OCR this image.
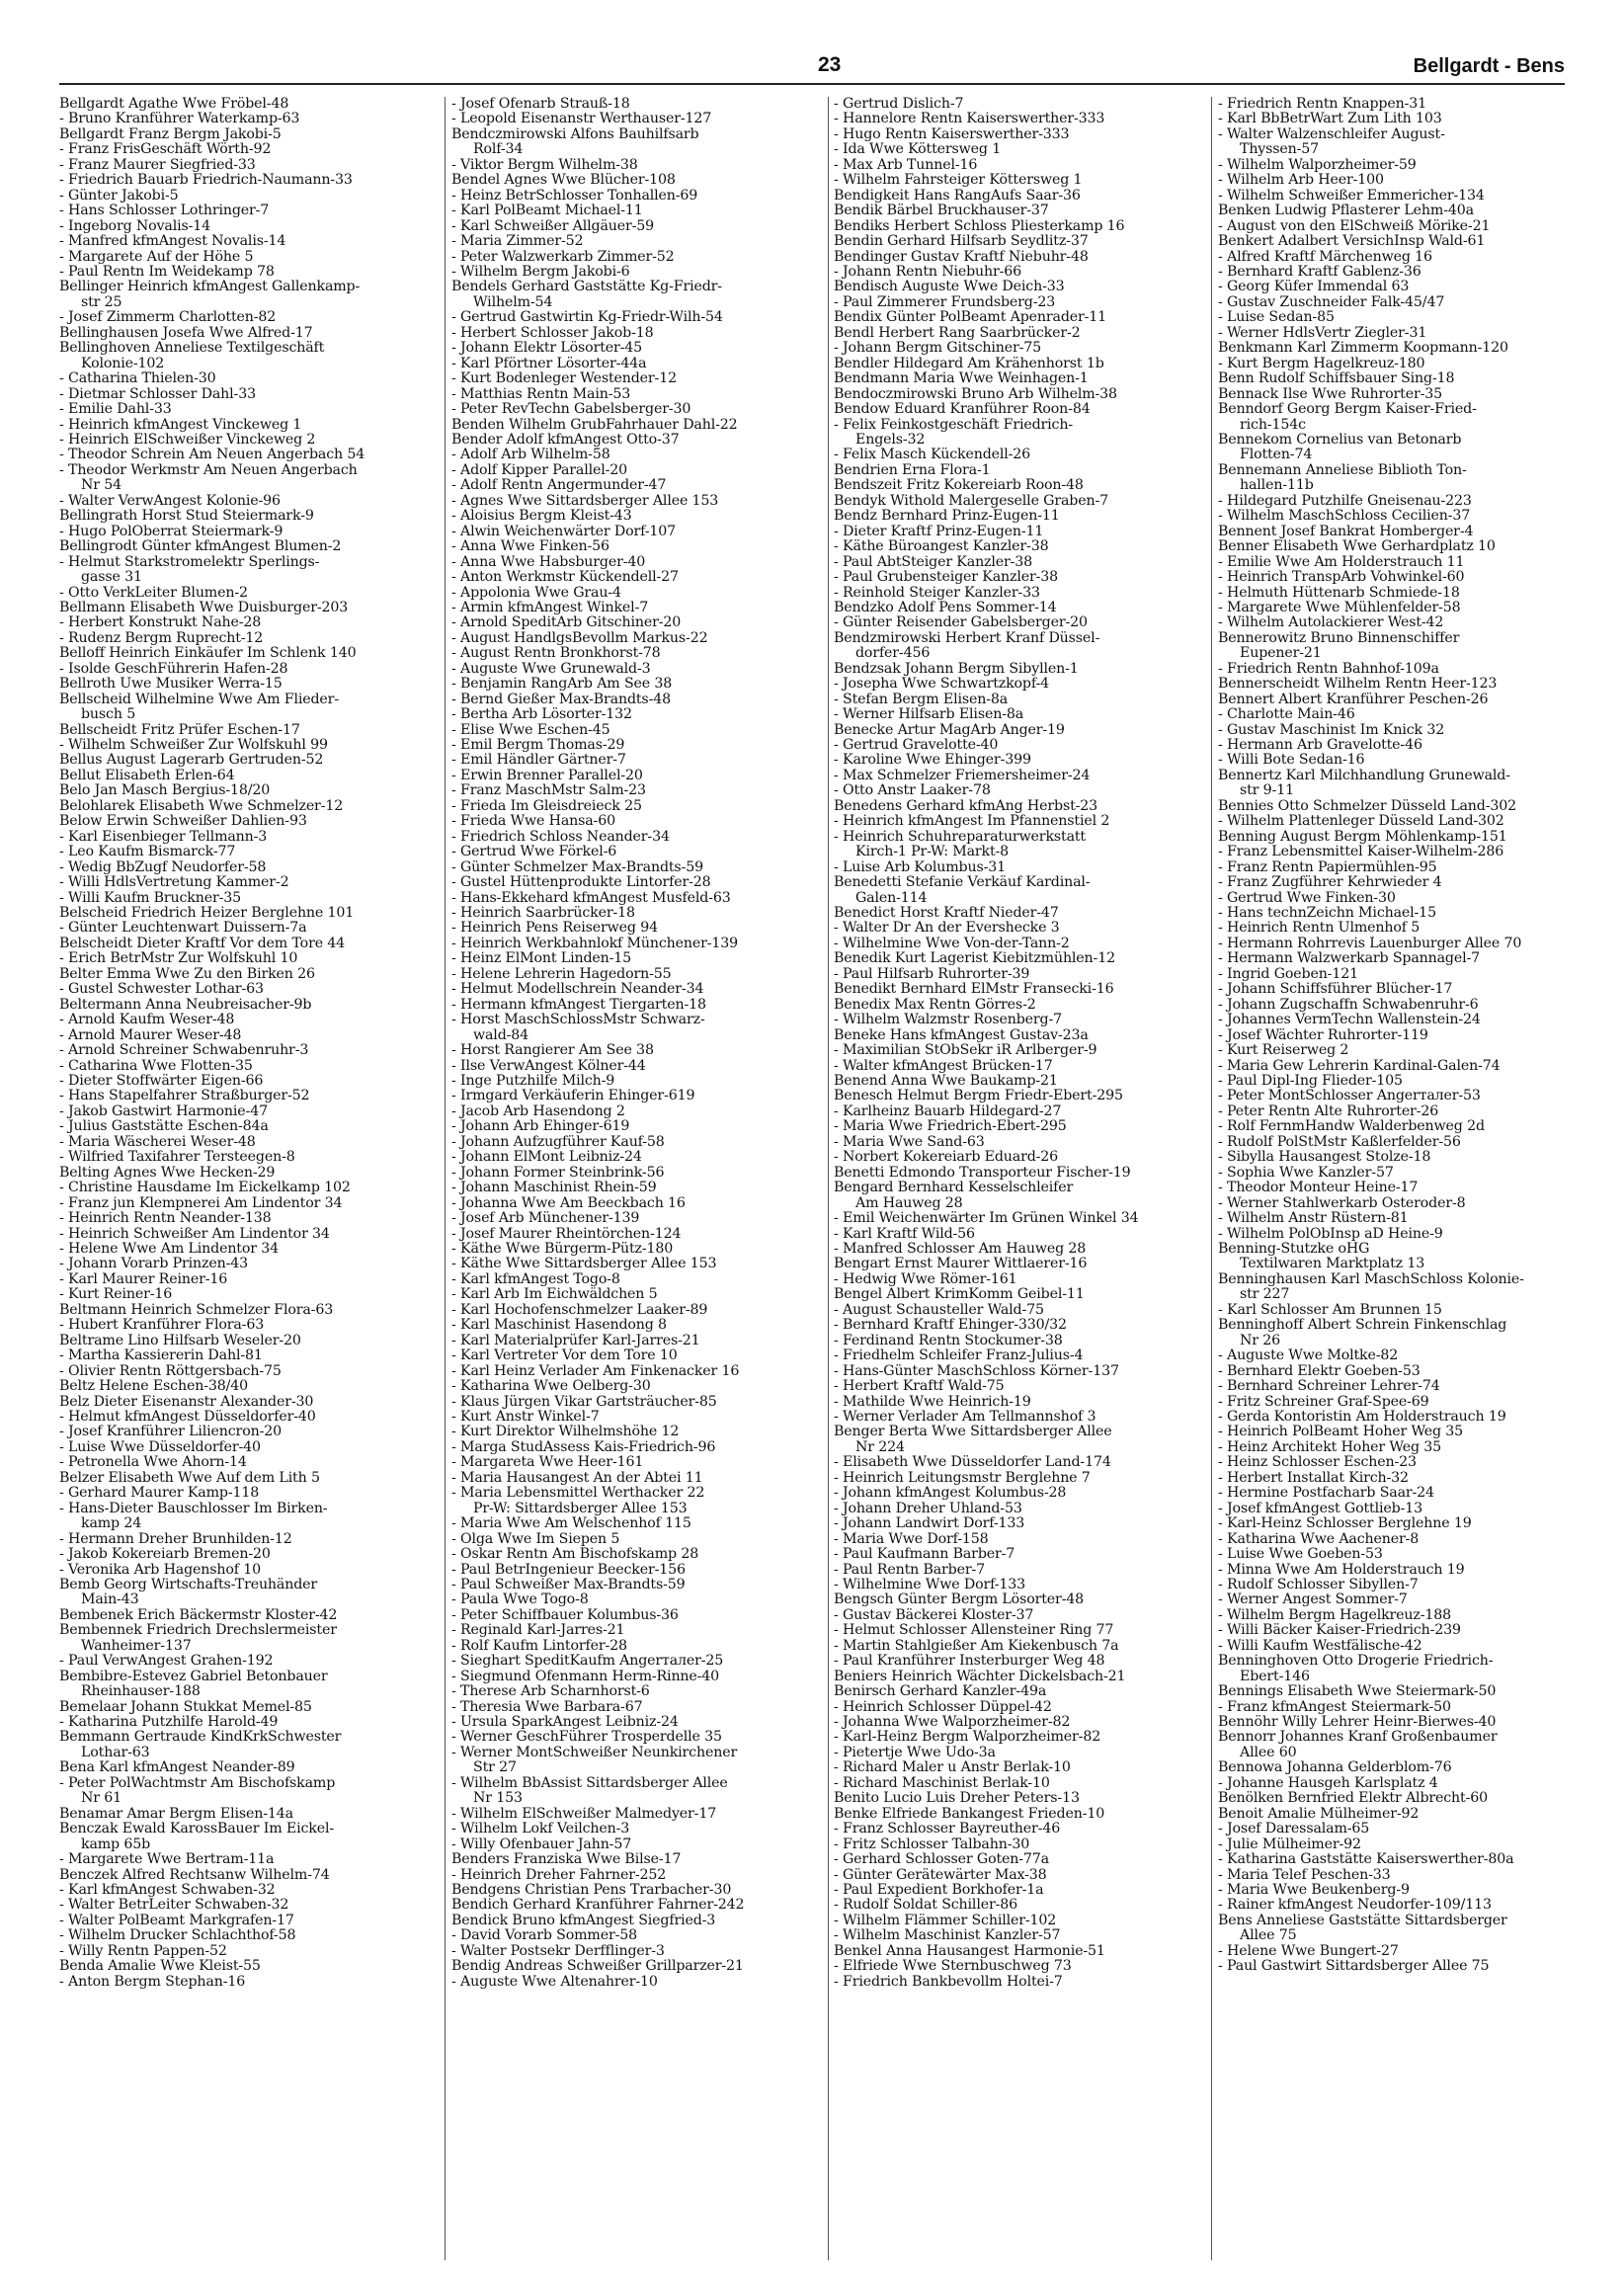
23	Bellgardt - Bens
Bellgardt Agathe Wwe Fröbel-48
- Bruno Kranführer Waterkamp-63
Bellgardt Franz Bergm Jakobi-5
- Franz FrisGeschäft Wörth-92
- Franz Maurer Siegfried-33
- Friedrich Bauarb Friedrich-Naumann-33
- Günter Jakobi-5
- Hans Schlosser Lothringer-7
- Ingeborg Novalis-14
- Manfred kfmAngest Novalis-14
- Margarete Auf der Höhe 5
- Paul Rentn Im Weidekamp 78
Bellinger Heinrich kfmAngest Gallenkamp-
str 25
- Josef Zimmerm Charlotten-82
Bellinghausen Josefa Wwe Alfred-17
Bellinghoven Anneliese Textilgeschäft
Kolonie-102
- Catharina Thielen-30
- Dietmar Schlosser Dahl-33
- Emilie Dahl-33
- Heinrich kfmAngest Vinckeweg 1
- Heinrich ElSchweißer Vinckeweg 2
- Theodor Schrein Am Neuen Angerbach 54
- Theodor Werkmstr Am Neuen Angerbach
Nr 54
- Walter VerwAngest Kolonie-96
Bellingrath Horst Stud Steiermark-9
- Hugo PolOberrat Steiermark-9
Bellingrodt Günter kfmAngest Blumen-2
- Helmut Starkstromelektr Sperlings-
gasse 31
- Otto VerkLeiter Blumen-2
Bellmann Elisabeth Wwe Duisburger-203
- Herbert Konstrukt Nahe-28
- Rudenz Bergm Ruprecht-12
Belloff Heinrich Einkäufer Im Schlenk 140
- Isolde GeschFührerin Hafen-28
Bellroth Uwe Musiker Werra-15
Bellscheid Wilhelmine Wwe Am Flieder-
busch 5
Bellscheidt Fritz Prüfer Eschen-17
- Wilhelm Schweißer Zur Wolfskuhl 99
Bellus August Lagerarb Gertruden-52
Bellut Elisabeth Erlen-64
Belo Jan Masch Bergius-18/20
Belohlarek Elisabeth Wwe Schmelzer-12
Below Erwin Schweißer Dahlien-93
- Karl Eisenbieger Tellmann-3
- Leo Kaufm Bismarck-77
- Wedig BbZugf Neudorfer-58
- Willi HdlsVertretung Kammer-2
- Willi Kaufm Bruckner-35
Belscheid Friedrich Heizer Berglehne 101
- Günter Leuchtenwart Duissern-7a
Belscheidt Dieter Kraftf Vor dem Tore 44
- Erich BetrMstr Zur Wolfskuhl 10
Belter Emma Wwe Zu den Birken 26
- Gustel Schwester Lothar-63
Beltermann Anna Neubreisacher-9b
- Arnold Kaufm Weser-48
- Arnold Maurer Weser-48
- Arnold Schreiner Schwabenruhr-3
- Catharina Wwe Flotten-35
- Dieter Stoffwärter Eigen-66
- Hans Stapelfahrer Straßburger-52
- Jakob Gastwirt Harmonie-47
- Julius Gaststätte Eschen-84a
- Maria Wäscherei Weser-48
- Wilfried Taxifahrer Tersteegen-8
Belting Agnes Wwe Hecken-29
- Christine Hausdame Im Eickelkamp 102
- Franz jun Klempnerei Am Lindentor 34
- Heinrich Rentn Neander-138
- Heinrich Schweißer Am Lindentor 34
- Helene Wwe Am Lindentor 34
- Johann Vorarb Prinzen-43
- Karl Maurer Reiner-16
- Kurt Reiner-16
Beltmann Heinrich Schmelzer Flora-63
- Hubert Kranführer Flora-63
Beltrame Lino Hilfsarb Weseler-20
- Martha Kassiererin Dahl-81
- Olivier Rentn Röttgersbach-75
Beltz Helene Eschen-38/40
Belz Dieter Eisenanstr Alexander-30
- Helmut kfmAngest Düsseldorfer-40
- Josef Kranführer Liliencron-20
- Luise Wwe Düsseldorfer-40
- Petronella Wwe Ahorn-14
Belzer Elisabeth Wwe Auf dem Lith 5
- Gerhard Maurer Kamp-118
- Hans-Dieter Bauschlosser Im Birken-
kamp 24
- Hermann Dreher Brunhilden-12
- Jakob Kokereiarb Bremen-20
- Veronika Arb Hagenshof 10
Bemb Georg Wirtschafts-Treuhänder
Main-43
Bembenek Erich Bäckermstr Kloster-42
Bembennek Friedrich Drechslermeister
Wanheimer-137
- Paul VerwAngest Grahen-192
Bembibre-Estevez Gabriel Betonbauer
Rheinhauser-188
Bemelaar Johann Stukkat Memel-85
- Katharina Putzhilfe Harold-49
Bemmann Gertraude KindKrkSchwester
Lothar-63
Bena Karl kfmAngest Neander-89
- Peter PolWachtmstr Am Bischofskamp
Nr 61
Benamar Amar Bergm Elisen-14a
Benczak Ewald KarossBauer Im Eickel-
kamp 65b
- Margarete Wwe Bertram-11a
Benczek Alfred Rechtsanw Wilhelm-74
- Karl kfmAngest Schwaben-32
- Walter BetrLeiter Schwaben-32
- Walter PolBeamt Markgrafen-17
- Wilhelm Drucker Schlachthof-58
- Willy Rentn Pappen-52
Benda Amalie Wwe Kleist-55
- Anton Bergm Stephan-16
- Josef Ofenarb Strauß-18
- Leopold Eisenanstr Werthauser-127
Bendczmirowski Alfons Bauhilfsarb
Rolf-34
- Viktor Bergm Wilhelm-38
Bendel Agnes Wwe Blücher-108
- Heinz BetrSchlosser Tonhallen-69
- Karl PolBeamt Michael-11
- Karl Schweißer Allgäuer-59
- Maria Zimmer-52
- Peter Walzwerkarb Zimmer-52
- Wilhelm Bergm Jakobi-6
Bendels Gerhard Gaststätte Kg-Friedr-
Wilhelm-54
- Gertrud Gastwirtin Kg-Friedr-Wilh-54
- Herbert Schlosser Jakob-18
- Johann Elektr Lösorter-45
- Karl Pförtner Lösorter-44a
- Kurt Bodenleger Westender-12
- Matthias Rentn Main-53
- Peter RevTechn Gabelsberger-30
Benden Wilhelm GrubFahrhauer Dahl-22
Bender Adolf kfmAngest Otto-37
- Adolf Arb Wilhelm-58
- Adolf Kipper Parallel-20
- Adolf Rentn Angermunder-47
- Agnes Wwe Sittardsberger Allee 153
- Aloisius Bergm Kleist-43
- Alwin Weichenwärter Dorf-107
- Anna Wwe Finken-56
- Anna Wwe Habsburger-40
- Anton Werkmstr Kückendell-27
- Appolonia Wwe Grau-4
- Armin kfmAngest Winkel-7
- Arnold SpeditArb Gitschiner-20
- August HandlgsBevollm Markus-22
- August Rentn Bronkhorst-78
- Auguste Wwe Grunewald-3
- Benjamin RangArb Am See 38
- Bernd Gießer Max-Brandts-48
- Bertha Arb Lösorter-132
- Elise Wwe Eschen-45
- Emil Bergm Thomas-29
- Emil Händler Gärtner-7
- Erwin Brenner Parallel-20
- Franz MaschMstr Salm-23
- Frieda Im Gleisdreieck 25
- Frieda Wwe Hansa-60
- Friedrich Schloss Neander-34
- Gertrud Wwe Förkel-6
- Günter Schmelzer Max-Brandts-59
- Gustel Hüttenprodukte Lintorfer-28
- Hans-Ekkehard kfmAngest Musfeld-63
- Heinrich Saarbrücker-18
- Heinrich Pens Reiserweg 94
- Heinrich Werkbahnlokf Münchener-139
- Heinz ElMont Linden-15
- Helene Lehrerin Hagedorn-55
- Helmut Modellschrein Neander-34
- Hermann kfmAngest Tiergarten-18
- Horst MaschSchlossMstr Schwarz-
wald-84
- Horst Rangierer Am See 38
- Ilse VerwAngest Kölner-44
- Inge Putzhilfe Milch-9
- Irmgard Verkäuferin Ehinger-619
- Jacob Arb Hasendong 2
- Johann Arb Ehinger-619
- Johann Aufzugführer Kauf-58
- Johann ElMont Leibniz-24
- Johann Former Steinbrink-56
- Johann Maschinist Rhein-59
- Johanna Wwe Am Beeckbach 16
- Josef Arb Münchener-139
- Josef Maurer Rheintörchen-124
- Käthe Wwe Bürgerm-Pütz-180
- Käthe Wwe Sittardsberger Allee 153
- Karl kfmAngest Togo-8
- Karl Arb Im Eichwäldchen 5
- Karl Hochofenschmelzer Laaker-89
- Karl Maschinist Hasendong 8
- Karl Materialprüfer Karl-Jarres-21
- Karl Vertreter Vor dem Tore 10
- Karl Heinz Verlader Am Finkenacker 16
- Katharina Wwe Oelberg-30
- Klaus Jürgen Vikar Gartsträucher-85
- Kurt Anstr Winkel-7
- Kurt Direktor Wilhelmshöhe 12
- Marga StudAssess Kais-Friedrich-96
- Margareta Wwe Heer-161
- Maria Hausangest An der Abtei 11
- Maria Lebensmittel Werthacker 22
Pr-W: Sittardsberger Allee 153
- Maria Wwe Am Welschenhof 115
- Olga Wwe Im Siepen 5
- Oskar Rentn Am Bischofskamp 28
- Paul BetrIngenieur Beecker-156
- Paul Schweißer Max-Brandts-59
- Paula Wwe Togo-8
- Peter Schiffbauer Kolumbus-36
- Reginald Karl-Jarres-21
- Rolf Kaufm Lintorfer-28
- Sieghart SpeditKaufm Angerталer-25
- Siegmund Ofenmann Herm-Rinne-40
- Therese Arb Scharnhorst-6
- Theresia Wwe Barbara-67
- Ursula SparkAngest Leibniz-24
- Werner GeschFührer Trosperdelle 35
- Werner MontSchweißer Neunkirchener
Str 27
- Wilhelm BbAssist Sittardsberger Allee
Nr 153
- Wilhelm ElSchweißer Malmedyer-17
- Wilhelm Lokf Veilchen-3
- Willy Ofenbauer Jahn-57
Benders Franziska Wwe Bilse-17
- Heinrich Dreher Fahrner-252
Bendgens Christian Pens Trarbacher-30
Bendich Gerhard Kranführer Fahrner-242
Bendick Bruno kfmAngest Siegfried-3
- David Vorarb Sommer-58
- Walter Postsekr Derfflinger-3
Bendig Andreas Schweißer Grillparzer-21
- Auguste Wwe Altenahrer-10
- Gertrud Dislich-7
- Hannelore Rentn Kaiserswerther-333
- Hugo Rentn Kaiserswerther-333
- Ida Wwe Köttersweg 1
- Max Arb Tunnel-16
- Wilhelm Fahrsteiger Köttersweg 1
Bendigkeit Hans RangAufs Saar-36
Bendik Bärbel Bruckhauser-37
Bendiks Herbert Schloss Pliesterkamp 16
Bendin Gerhard Hilfsarb Seydlitz-37
Bendinger Gustav Kraftf Niebuhr-48
- Johann Rentn Niebuhr-66
Bendisch Auguste Wwe Deich-33
- Paul Zimmerer Frundsberg-23
Bendix Günter PolBeamt Apenrader-11
Bendl Herbert Rang Saarbrücker-2
- Johann Bergm Gitschiner-75
Bendler Hildegard Am Krähenhorst 1b
Bendmann Maria Wwe Weinhagen-1
Bendoczmirowski Bruno Arb Wilhelm-38
Bendow Eduard Kranführer Roon-84
- Felix Feinkostgeschäft Friedrich-
Engels-32
- Felix Masch Kückendell-26
Bendrien Erna Flora-1
Bendszeit Fritz Kokereiarb Roon-48
Bendyk Withold Malergeselle Graben-7
Bendz Bernhard Prinz-Eugen-11
- Dieter Kraftf Prinz-Eugen-11
- Käthe Büroangest Kanzler-38
- Paul AbtSteiger Kanzler-38
- Paul Grubensteiger Kanzler-38
- Reinhold Steiger Kanzler-33
Bendzko Adolf Pens Sommer-14
- Günter Reisender Gabelsberger-20
Bendzmirowski Herbert Kranf Düssel-
dorfer-456
Bendzsak Johann Bergm Sibyllen-1
- Josepha Wwe Schwartzkopf-4
- Stefan Bergm Elisen-8a
- Werner Hilfsarb Elisen-8a
Benecke Artur MagArb Anger-19
- Gertrud Gravelotte-40
- Karoline Wwe Ehinger-399
- Max Schmelzer Friemersheimer-24
- Otto Anstr Laaker-78
Benedens Gerhard kfmAng Herbst-23
- Heinrich kfmAngest Im Pfannenstiel 2
- Heinrich Schuhreparaturwerkstatt
Kirch-1 Pr-W: Markt-8
- Luise Arb Kolumbus-31
Benedetti Stefanie Verkäuf Kardinal-
Galen-114
Benedict Horst Kraftf Nieder-47
- Walter Dr An der Evershecke 3
- Wilhelmine Wwe Von-der-Tann-2
Benedik Kurt Lagerist Kiebitzmühlen-12
- Paul Hilfsarb Ruhrorter-39
Benedikt Bernhard ElMstr Fransecki-16
Benedix Max Rentn Görres-2
- Wilhelm Walzmstr Rosenberg-7
Beneke Hans kfmAngest Gustav-23a
- Maximilian StObSekr iR Arlberger-9
- Walter kfmAngest Brücken-17
Benend Anna Wwe Baukamp-21
Benesch Helmut Bergm Friedr-Ebert-295
- Karlheinz Bauarb Hildegard-27
- Maria Wwe Friedrich-Ebert-295
- Maria Wwe Sand-63
- Norbert Kokereiarb Eduard-26
Benetti Edmondo Transporteur Fischer-19
Bengard Bernhard Kesselschleifer
Am Hauweg 28
- Emil Weichenwärter Im Grünen Winkel 34
- Karl Kraftf Wild-56
- Manfred Schlosser Am Hauweg 28
Bengart Ernst Maurer Wittlaerer-16
- Hedwig Wwe Römer-161
Bengel Albert KrimKomm Geibel-11
- August Schausteller Wald-75
- Bernhard Kraftf Ehinger-330/32
- Ferdinand Rentn Stockumer-38
- Friedhelm Schleifer Franz-Julius-4
- Hans-Günter MaschSchloss Körner-137
- Herbert Kraftf Wald-75
- Mathilde Wwe Heinrich-19
- Werner Verlader Am Tellmannshof 3
Benger Berta Wwe Sittardsberger Allee
Nr 224
- Elisabeth Wwe Düsseldorfer Land-174
- Heinrich Leitungsmstr Berglehne 7
- Johann kfmAngest Kolumbus-28
- Johann Dreher Uhland-53
- Johann Landwirt Dorf-133
- Maria Wwe Dorf-158
- Paul Kaufmann Barber-7
- Paul Rentn Barber-7
- Wilhelmine Wwe Dorf-133
Bengsch Günter Bergm Lösorter-48
- Gustav Bäckerei Kloster-37
- Helmut Schlosser Allensteiner Ring 77
- Martin Stahlgießer Am Kiekenbusch 7a
- Paul Kranführer Insterburger Weg 48
Beniers Heinrich Wächter Dickelsbach-21
Benirsch Gerhard Kanzler-49a
- Heinrich Schlosser Düppel-42
- Johanna Wwe Walporzheimer-82
- Karl-Heinz Bergm Walporzheimer-82
- Pietertje Wwe Udo-3a
- Richard Maler u Anstr Berlak-10
- Richard Maschinist Berlak-10
Benito Lucio Luis Dreher Peters-13
Benke Elfriede Bankangest Frieden-10
- Franz Schlosser Bayreuther-46
- Fritz Schlosser Talbahn-30
- Gerhard Schlosser Goten-77a
- Günter Gerätewärter Max-38
- Paul Expedient Borkhofer-1a
- Rudolf Soldat Schiller-86
- Wilhelm Flämmer Schiller-102
- Wilhelm Maschinist Kanzler-57
Benkel Anna Hausangest Harmonie-51
- Elfriede Wwe Sternbuschweg 73
- Friedrich Bankbevollm Holtei-7
- Friedrich Rentn Knappen-31
- Karl BbBetrWart Zum Lith 103
- Walter Walzenschleifer August-
Thyssen-57
- Wilhelm Walporzheimer-59
- Wilhelm Arb Heer-100
- Wilhelm Schweißer Emmericher-134
Benken Ludwig Pflasterer Lehm-40a
- August von den ElSchweiß Mörike-21
Benkert Adalbert VersichInsp Wald-61
- Alfred Kraftf Märchenweg 16
- Bernhard Kraftf Gablenz-36
- Georg Küfer Immendal 63
- Gustav Zuschneider Falk-45/47
- Luise Sedan-85
- Werner HdlsVertr Ziegler-31
Benkmann Karl Zimmerm Koopmann-120
- Kurt Bergm Hagelkreuz-180
Benn Rudolf Schiffsbauer Sing-18
Bennack Ilse Wwe Ruhrorter-35
Benndorf Georg Bergm Kaiser-Fried-
rich-154c
Bennekom Cornelius van Betonarb
Flotten-74
Bennemann Anneliese Biblioth Ton-
hallen-11b
- Hildegard Putzhilfe Gneisenau-223
- Wilhelm MaschSchloss Cecilien-37
Bennent Josef Bankrat Homberger-4
Benner Elisabeth Wwe Gerhardplatz 10
- Emilie Wwe Am Holderstrauch 11
- Heinrich TranspArb Vohwinkel-60
- Helmuth Hüttenarb Schmiede-18
- Margarete Wwe Mühlenfelder-58
- Wilhelm Autolackierer West-42
Bennerowitz Bruno Binnenschiffer
Eupener-21
- Friedrich Rentn Bahnhof-109a
Bennerscheidt Wilhelm Rentn Heer-123
Bennert Albert Kranführer Peschen-26
- Charlotte Main-46
- Gustav Maschinist Im Knick 32
- Hermann Arb Gravelotte-46
- Willi Bote Sedan-16
Bennertz Karl Milchhandlung Grunewald-
str 9-11
Bennies Otto Schmelzer Düsseld Land-302
- Wilhelm Plattenleger Düsseld Land-302
Benning August Bergm Möhlenkamp-151
- Franz Lebensmittel Kaiser-Wilhelm-286
- Franz Rentn Papiermühlen-95
- Franz Zugführer Kehrwieder 4
- Gertrud Wwe Finken-30
- Hans technZeichn Michael-15
- Heinrich Rentn Ulmenhof 5
- Hermann Rohrrevis Lauenburger Allee 70
- Hermann Walzwerkarb Spannagel-7
- Ingrid Goeben-121
- Johann Schiffsführer Blücher-17
- Johann Zugschaffn Schwabenruhr-6
- Johannes VermTechn Wallenstein-24
- Josef Wächter Ruhrorter-119
- Kurt Reiserweg 2
- Maria Gew Lehrerin Kardinal-Galen-74
- Paul Dipl-Ing Flieder-105
- Peter MontSchlosser Angerталer-53
- Peter Rentn Alte Ruhrorter-26
- Rolf FernmHandw Walderbenweg 2d
- Rudolf PolStMstr Kaßlerfelder-56
- Sibylla Hausangest Stolze-18
- Sophia Wwe Kanzler-57
- Theodor Monteur Heine-17
- Werner Stahlwerkarb Osteroder-8
- Wilhelm Anstr Rüstern-81
- Wilhelm PolObInsp aD Heine-9
Benning-Stutzke oHG
Textilwaren Marktplatz 13
Benninghausen Karl MaschSchloss Kolonie-
str 227
- Karl Schlosser Am Brunnen 15
Benninghoff Albert Schrein Finkenschlag
Nr 26
- Auguste Wwe Moltke-82
- Bernhard Elektr Goeben-53
- Bernhard Schreiner Lehrer-74
- Fritz Schreiner Graf-Spee-69
- Gerda Kontoristin Am Holderstrauch 19
- Heinrich PolBeamt Hoher Weg 35
- Heinz Architekt Hoher Weg 35
- Heinz Schlosser Eschen-23
- Herbert Installat Kirch-32
- Hermine Postfacharb Saar-24
- Josef kfmAngest Gottlieb-13
- Karl-Heinz Schlosser Berglehne 19
- Katharina Wwe Aachener-8
- Luise Wwe Goeben-53
- Minna Wwe Am Holderstrauch 19
- Rudolf Schlosser Sibyllen-7
- Werner Angest Sommer-7
- Wilhelm Bergm Hagelkreuz-188
- Willi Bäcker Kaiser-Friedrich-239
- Willi Kaufm Westfälische-42
Benninghoven Otto Drogerie Friedrich-
Ebert-146
Bennings Elisabeth Wwe Steiermark-50
- Franz kfmAngest Steiermark-50
Bennöhr Willy Lehrer Heinr-Bierwes-40
Bennorr Johannes Kranf Großenbaumer
Allee 60
Bennowa Johanna Gelderblom-76
- Johanne Hausgeh Karlsplatz 4
Benölken Bernfried Elektr Albrecht-60
Benoit Amalie Mülheimer-92
- Josef Daressalam-65
- Julie Mülheimer-92
- Katharina Gaststätte Kaiserswerther-80a
- Maria Telef Peschen-33
- Maria Wwe Beukenberg-9
- Rainer kfmAngest Neudorfer-109/113
Bens Anneliese Gaststätte Sittardsberger
Allee 75
- Helene Wwe Bungert-27
- Paul Gastwirt Sittardsberger Allee 75
